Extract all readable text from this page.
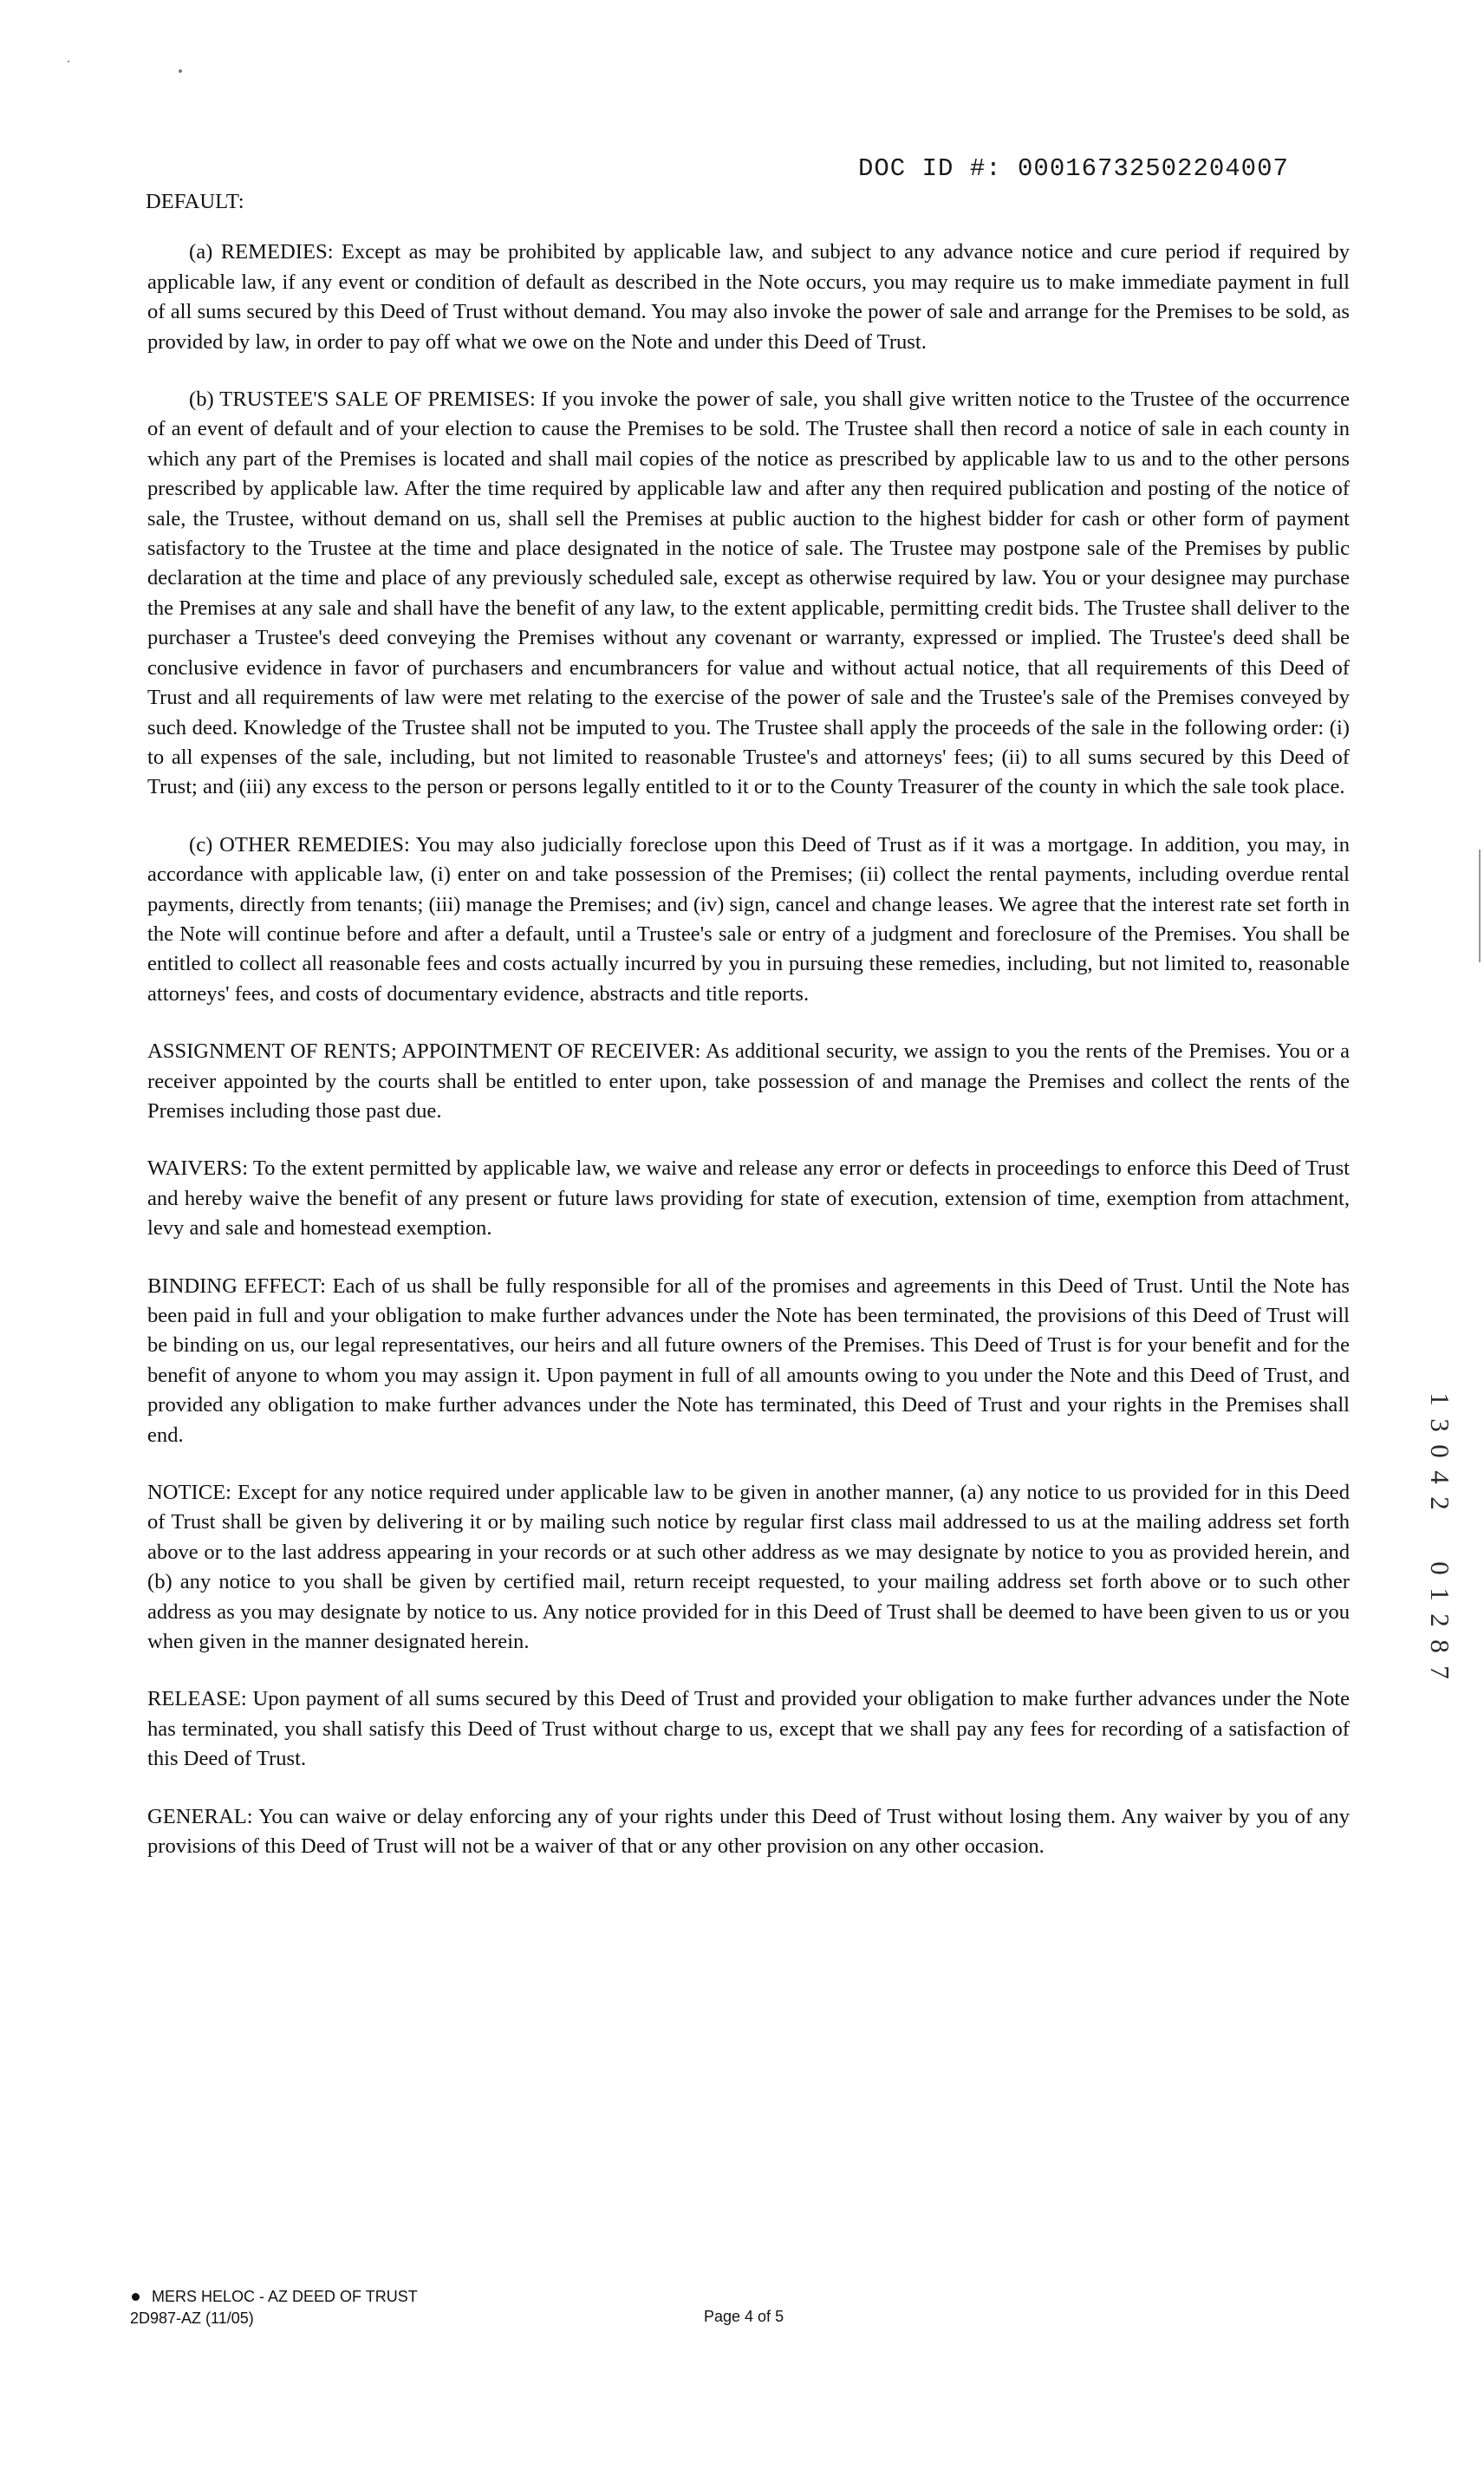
DOC ID #: 00016732502204007

DEFAULT:

(a) REMEDIES: Except as may be prohibited by applicable law, and subject to any advance notice and cure period if required by applicable law, if any event or condition of default as described in the Note occurs, you may require us to make immediate payment in full of all sums secured by this Deed of Trust without demand. You may also invoke the power of sale and arrange for the Premises to be sold, as provided by law, in order to pay off what we owe on the Note and under this Deed of Trust.

(b) TRUSTEE'S SALE OF PREMISES: If you invoke the power of sale, you shall give written notice to the Trustee of the occurrence of an event of default and of your election to cause the Premises to be sold. The Trustee shall then record a notice of sale in each county in which any part of the Premises is located and shall mail copies of the notice as prescribed by applicable law to us and to the other persons prescribed by applicable law. After the time required by applicable law and after any then required publication and posting of the notice of sale, the Trustee, without demand on us, shall sell the Premises at public auction to the highest bidder for cash or other form of payment satisfactory to the Trustee at the time and place designated in the notice of sale. The Trustee may postpone sale of the Premises by public declaration at the time and place of any previously scheduled sale, except as otherwise required by law. You or your designee may purchase the Premises at any sale and shall have the benefit of any law, to the extent applicable, permitting credit bids. The Trustee shall deliver to the purchaser a Trustee's deed conveying the Premises without any covenant or warranty, expressed or implied. The Trustee's deed shall be conclusive evidence in favor of purchasers and encumbrancers for value and without actual notice, that all requirements of this Deed of Trust and all requirements of law were met relating to the exercise of the power of sale and the Trustee's sale of the Premises conveyed by such deed. Knowledge of the Trustee shall not be imputed to you. The Trustee shall apply the proceeds of the sale in the following order: (i) to all expenses of the sale, including, but not limited to reasonable Trustee's and attorneys' fees; (ii) to all sums secured by this Deed of Trust; and (iii) any excess to the person or persons legally entitled to it or to the County Treasurer of the county in which the sale took place.

(c) OTHER REMEDIES: You may also judicially foreclose upon this Deed of Trust as if it was a mortgage. In addition, you may, in accordance with applicable law, (i) enter on and take possession of the Premises; (ii) collect the rental payments, including overdue rental payments, directly from tenants; (iii) manage the Premises; and (iv) sign, cancel and change leases. We agree that the interest rate set forth in the Note will continue before and after a default, until a Trustee's sale or entry of a judgment and foreclosure of the Premises. You shall be entitled to collect all reasonable fees and costs actually incurred by you in pursuing these remedies, including, but not limited to, reasonable attorneys' fees, and costs of documentary evidence, abstracts and title reports.

ASSIGNMENT OF RENTS; APPOINTMENT OF RECEIVER: As additional security, we assign to you the rents of the Premises. You or a receiver appointed by the courts shall be entitled to enter upon, take possession of and manage the Premises and collect the rents of the Premises including those past due.

WAIVERS: To the extent permitted by applicable law, we waive and release any error or defects in proceedings to enforce this Deed of Trust and hereby waive the benefit of any present or future laws providing for state of execution, extension of time, exemption from attachment, levy and sale and homestead exemption.

BINDING EFFECT: Each of us shall be fully responsible for all of the promises and agreements in this Deed of Trust. Until the Note has been paid in full and your obligation to make further advances under the Note has been terminated, the provisions of this Deed of Trust will be binding on us, our legal representatives, our heirs and all future owners of the Premises. This Deed of Trust is for your benefit and for the benefit of anyone to whom you may assign it. Upon payment in full of all amounts owing to you under the Note and this Deed of Trust, and provided any obligation to make further advances under the Note has terminated, this Deed of Trust and your rights in the Premises shall end.

NOTICE: Except for any notice required under applicable law to be given in another manner, (a) any notice to us provided for in this Deed of Trust shall be given by delivering it or by mailing such notice by regular first class mail addressed to us at the mailing address set forth above or to the last address appearing in your records or at such other address as we may designate by notice to you as provided herein, and (b) any notice to you shall be given by certified mail, return receipt requested, to your mailing address set forth above or to such other address as you may designate by notice to us. Any notice provided for in this Deed of Trust shall be deemed to have been given to us or you when given in the manner designated herein.

RELEASE: Upon payment of all sums secured by this Deed of Trust and provided your obligation to make further advances under the Note has terminated, you shall satisfy this Deed of Trust without charge to us, except that we shall pay any fees for recording of a satisfaction of this Deed of Trust.

GENERAL: You can waive or delay enforcing any of your rights under this Deed of Trust without losing them. Any waiver by you of any provisions of this Deed of Trust will not be a waiver of that or any other provision on any other occasion.

1
3
0
4
2
0
1
2
8
7
MERS HELOC - AZ DEED OF TRUST
2D987-AZ (11/05)	Page 4 of 5
